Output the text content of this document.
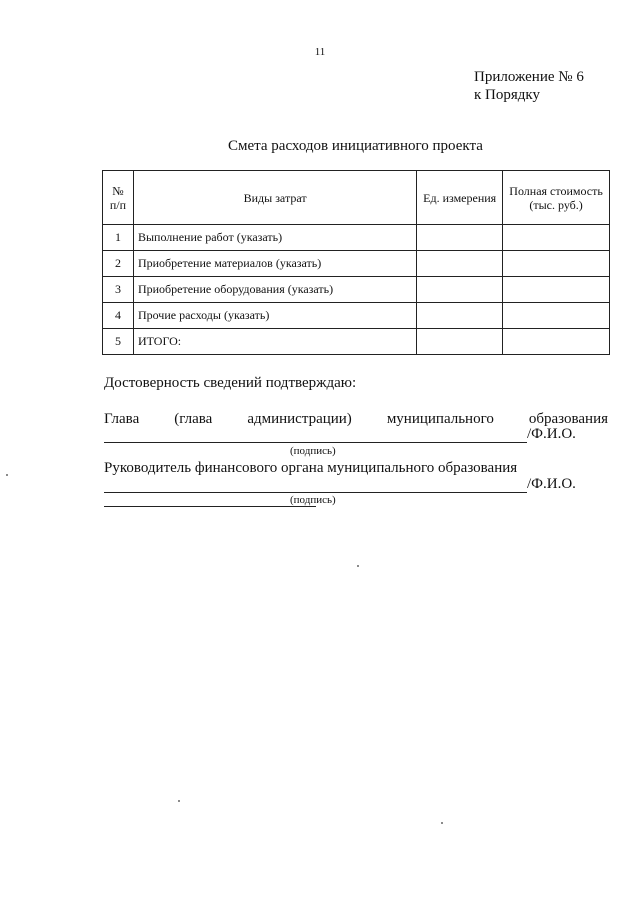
11
Приложение № 6
к Порядку
Смета расходов инициативного проекта
№ п/п	Виды затрат	Ед. измерения	Полная стоимость (тыс. руб.)
1	Выполнение работ (указать)		
2	Приобретение материалов (указать)		
3	Приобретение оборудования (указать)		
4	Прочие расходы (указать)		
5	ИТОГО:		
Достоверность сведений подтверждаю:
Глава (глава администрации) муниципального образования
/Ф.И.О.
(подпись)
Руководитель финансового органа муниципального образования
/Ф.И.О.
(подпись)
